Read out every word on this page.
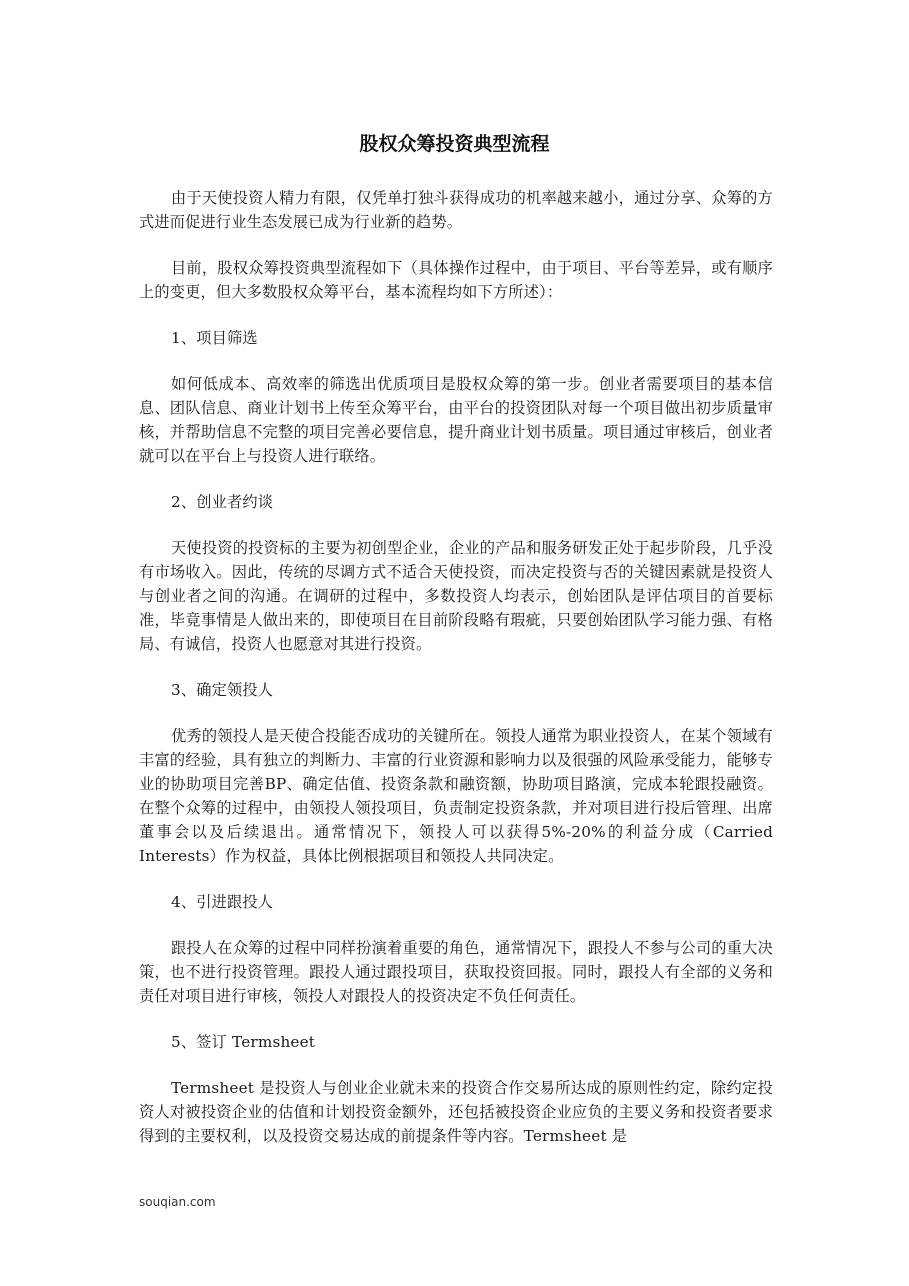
股权众筹投资典型流程

由于天使投资人精力有限，仅凭单打独斗获得成功的机率越来越小，通过分享、众筹的方式进而促进行业生态发展已成为行业新的趋势。

目前，股权众筹投资典型流程如下（具体操作过程中，由于项目、平台等差异，或有顺序上的变更，但大多数股权众筹平台，基本流程均如下方所述）：

1、项目筛选

如何低成本、高效率的筛选出优质项目是股权众筹的第一步。创业者需要项目的基本信息、团队信息、商业计划书上传至众筹平台，由平台的投资团队对每一个项目做出初步质量审核，并帮助信息不完整的项目完善必要信息，提升商业计划书质量。项目通过审核后，创业者就可以在平台上与投资人进行联络。

2、创业者约谈

天使投资的投资标的主要为初创型企业，企业的产品和服务研发正处于起步阶段，几乎没有市场收入。因此，传统的尽调方式不适合天使投资，而决定投资与否的关键因素就是投资人与创业者之间的沟通。在调研的过程中，多数投资人均表示，创始团队是评估项目的首要标准，毕竟事情是人做出来的，即使项目在目前阶段略有瑕疵，只要创始团队学习能力强、有格局、有诚信，投资人也愿意对其进行投资。

3、确定领投人

优秀的领投人是天使合投能否成功的关键所在。领投人通常为职业投资人，在某个领域有丰富的经验，具有独立的判断力、丰富的行业资源和影响力以及很强的风险承受能力，能够专业的协助项目完善BP、确定估值、投资条款和融资额，协助项目路演，完成本轮跟投融资。在整个众筹的过程中，由领投人领投项目，负责制定投资条款，并对项目进行投后管理、出席董事会以及后续退出。通常情况下，领投人可以获得5%-20%的利益分成（Carried Interests）作为权益，具体比例根据项目和领投人共同决定。

4、引进跟投人

跟投人在众筹的过程中同样扮演着重要的角色，通常情况下，跟投人不参与公司的重大决策，也不进行投资管理。跟投人通过跟投项目，获取投资回报。同时，跟投人有全部的义务和责任对项目进行审核，领投人对跟投人的投资决定不负任何责任。

5、签订 Termsheet

Termsheet 是投资人与创业企业就未来的投资合作交易所达成的原则性约定，除约定投资人对被投资企业的估值和计划投资金额外，还包括被投资企业应负的主要义务和投资者要求得到的主要权利，以及投资交易达成的前提条件等内容。Termsheet 是

souqian.com
